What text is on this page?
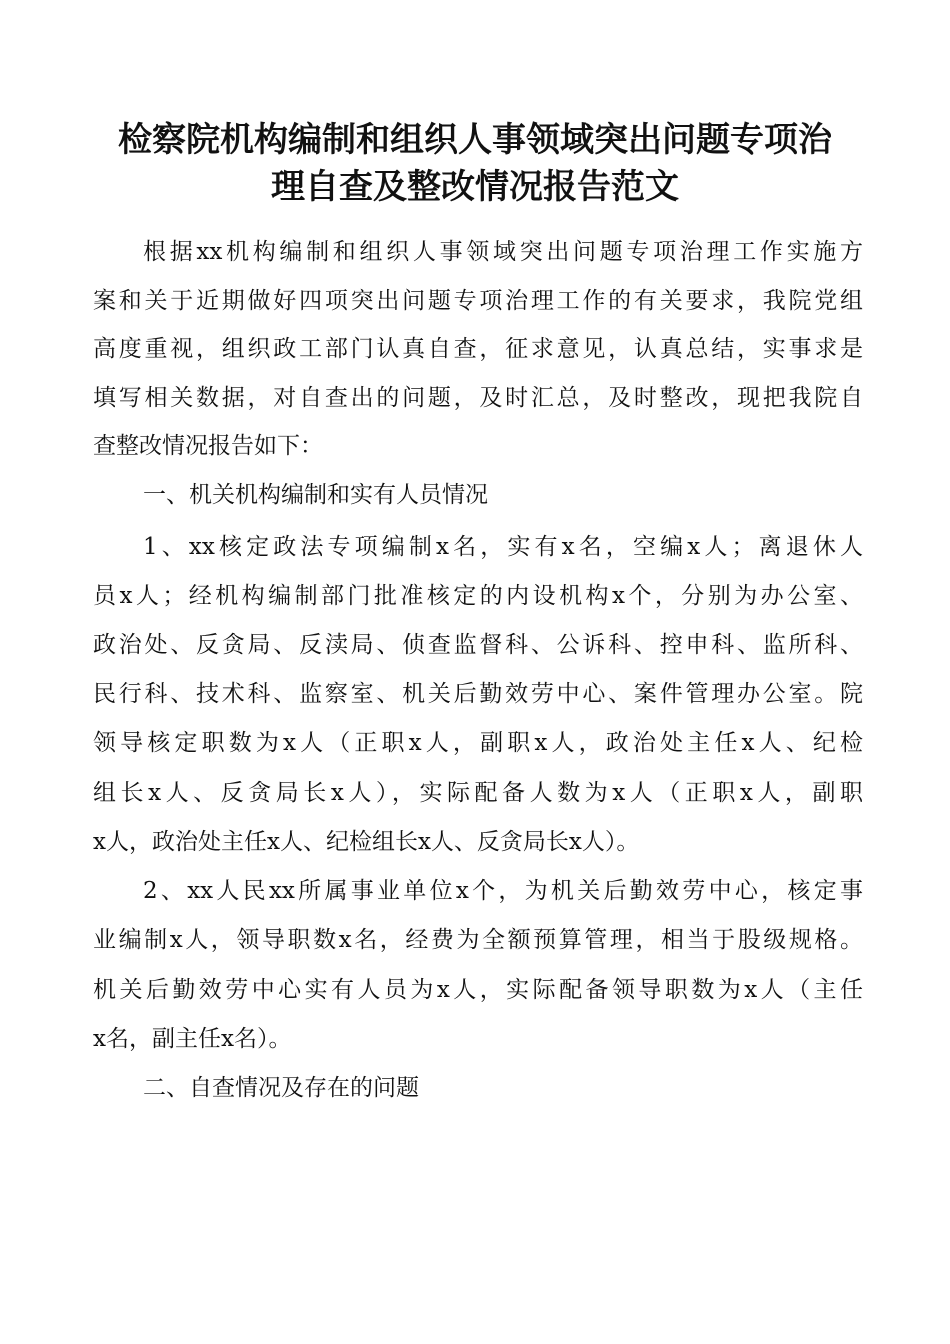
检察院机构编制和组织人事领域突出问题专项治
理自查及整改情况报告范文
根据xx机构编制和组织人事领域突出问题专项治理工作实施方
案和关于近期做好四项突出问题专项治理工作的有关要求，我院党组
高度重视，组织政工部门认真自查，征求意见，认真总结，实事求是
填写相关数据，对自查出的问题，及时汇总，及时整改，现把我院自
查整改情况报告如下：
一、机关机构编制和实有人员情况
1、xx核定政法专项编制x名，实有x名，空编x人；离退休人
员x人；经机构编制部门批准核定的内设机构x个，分别为办公室、
政治处、反贪局、反渎局、侦查监督科、公诉科、控申科、监所科、
民行科、技术科、监察室、机关后勤效劳中心、案件管理办公室。院
领导核定职数为x人（正职x人，副职x人，政治处主任x人、纪检
组长x人、反贪局长x人），实际配备人数为x人（正职x人，副职
x人，政治处主任x人、纪检组长x人、反贪局长x人）。
2、xx人民xx所属事业单位x个，为机关后勤效劳中心，核定事
业编制x人，领导职数x名，经费为全额预算管理，相当于股级规格。
机关后勤效劳中心实有人员为x人，实际配备领导职数为x人（主任
x名，副主任x名）。
二、自查情况及存在的问题
